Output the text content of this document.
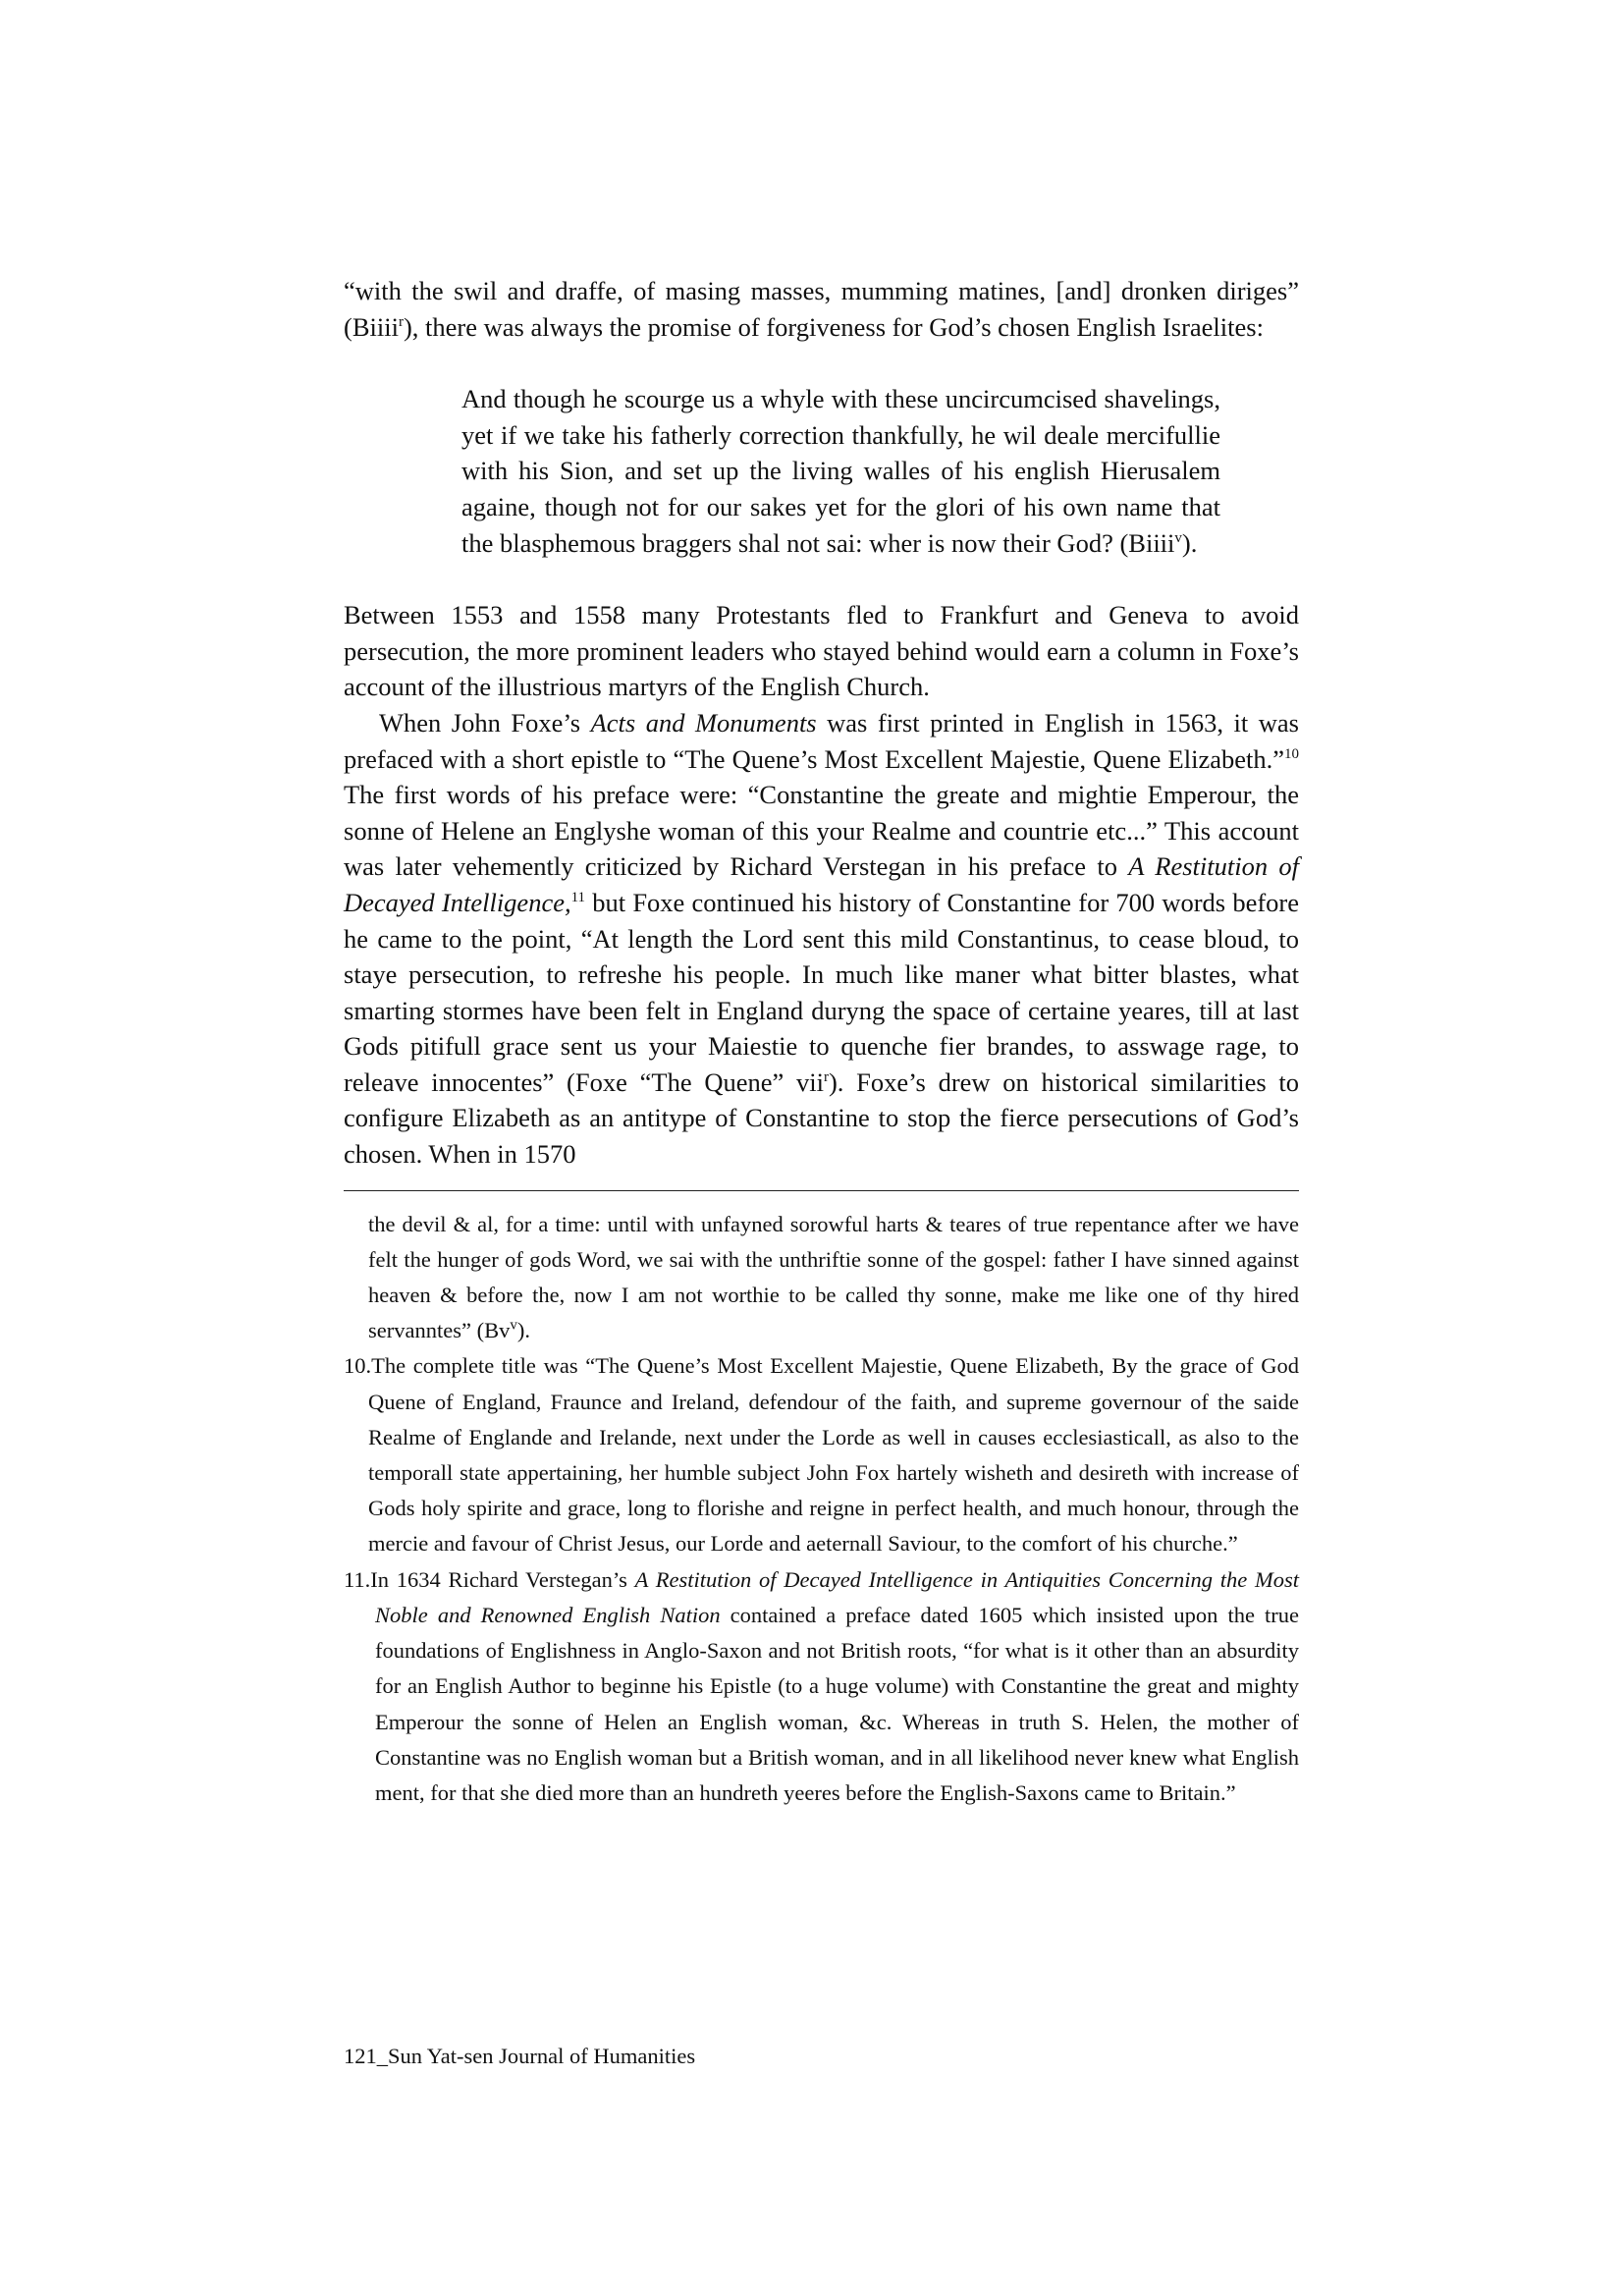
“with the swil and draffe, of masing masses, mumming matines, [and] dronken diriges” (Biiii$^r$), there was always the promise of forgiveness for God’s chosen English Israelites:

And though he scourge us a whyle with these uncircumcised shavelings, yet if we take his fatherly correction thankfully, he wil deale mercifullie with his Sion, and set up the living walles of his english Hierusalem againe, though not for our sakes yet for the glori of his own name that the blasphemous braggers shal not sai: wher is now their God? (Biiii$^v$).

Between 1553 and 1558 many Protestants fled to Frankfurt and Geneva to avoid persecution, the more prominent leaders who stayed behind would earn a column in Foxe’s account of the illustrious martyrs of the English Church.

When John Foxe’s Acts and Monuments was first printed in English in 1563, it was prefaced with a short epistle to “The Quene’s Most Excellent Majestie, Quene Elizabeth.”$^{10}$ The first words of his preface were: “Constantine the greate and mightie Emperour, the sonne of Helene an Englyshe woman of this your Realme and countrie etc...” This account was later vehemently criticized by Richard Verstegan in his preface to A Restitution of Decayed Intelligence,$^{11}$ but Foxe continued his history of Constantine for 700 words before he came to the point, “At length the Lord sent this mild Constantinus, to cease bloud, to staye persecution, to refreshe his people. In much like maner what bitter blastes, what smarting stormes have been felt in England duryng the space of certaine yeares, till at last Gods pitifull grace sent us your Maiestie to quenche fier brandes, to asswage rage, to releave innocentes” (Foxe “The Quene” vii$^r$). Foxe’s drew on historical similarities to configure Elizabeth as an antitype of Constantine to stop the fierce persecutions of God’s chosen. When in 1570

the devil & al, for a time: until with unfayned sorowful harts & teares of true repentance after we have felt the hunger of gods Word, we sai with the unthriftie sonne of the gospel: father I have sinned against heaven & before the, now I am not worthie to be called thy sonne, make me like one of thy hired servanntes” (Bv$^v$).

10.The complete title was “The Quene’s Most Excellent Majestie, Quene Elizabeth, By the grace of God Quene of England, Fraunce and Ireland, defendour of the faith, and supreme governour of the saide Realme of Englande and Irelande, next under the Lorde as well in causes ecclesiasticall, as also to the temporall state appertaining, her humble subject John Fox hartely wisheth and desireth with increase of Gods holy spirite and grace, long to florishe and reigne in perfect health, and much honour, through the mercie and favour of Christ Jesus, our Lorde and aeternall Saviour, to the comfort of his churche.”

11.In 1634 Richard Verstegan’s A Restitution of Decayed Intelligence in Antiquities Concerning the Most Noble and Renowned English Nation contained a preface dated 1605 which insisted upon the true foundations of Englishness in Anglo-Saxon and not British roots, “for what is it other than an absurdity for an English Author to beginne his Epistle (to a huge volume) with Constantine the great and mighty Emperour the sonne of Helen an English woman, &c. Whereas in truth S. Helen, the mother of Constantine was no English woman but a British woman, and in all likelihood never knew what English ment, for that she died more than an hundreth yeeres before the English-Saxons came to Britain.”

121_Sun Yat-sen Journal of Humanities
